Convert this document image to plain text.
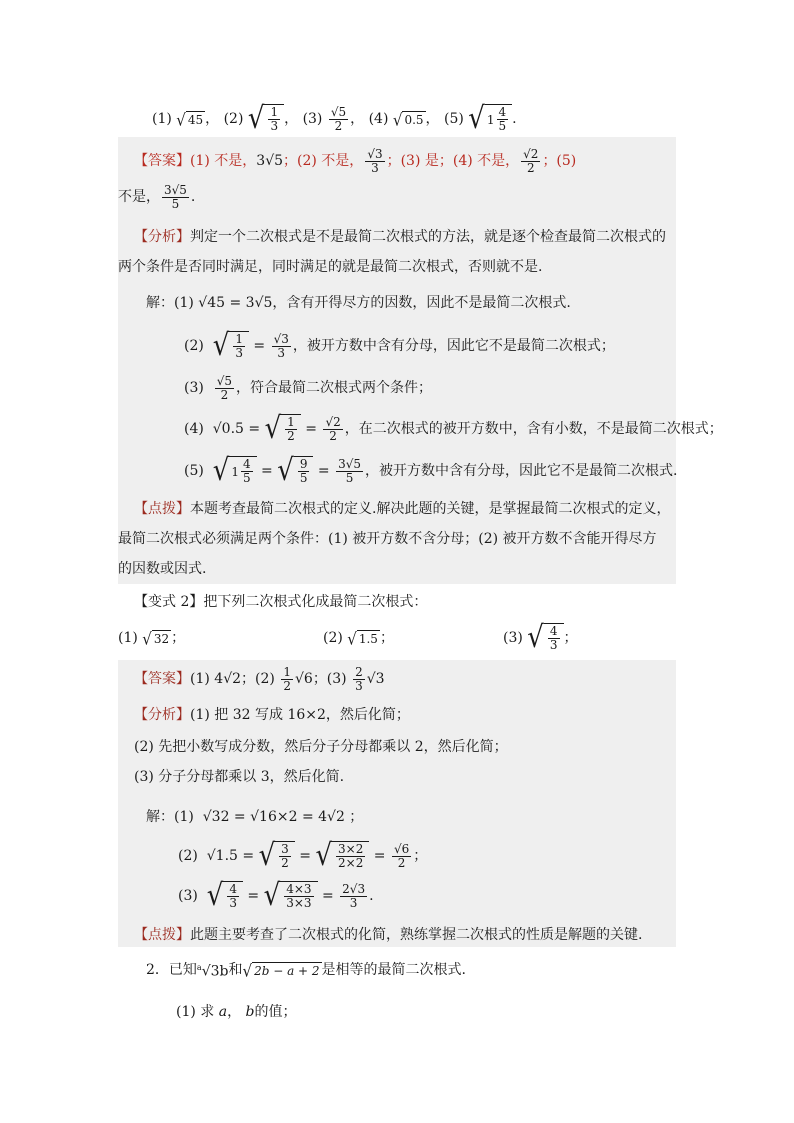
(1)
√ 45 ， (2)
√ $\frac{1}{3}$ ， (3)
$\frac{√5}{2}$ ， (4)
√ 0.5 ， (5)
√ $1 \frac{4}{5}$ .
【答案】 (1) 不是， 3√5 ；(2) 不是， $\frac{√3}{3}$ ；(3) 是；(4) 不是， $\frac{√2}{2}$ ；(5)
不是， $\frac{3√5}{5}$ .
【分析】判定一个二次根式是不是最简二次根式的方法，就是逐个检查最简二次根式的
两个条件是否同时满足，同时满足的就是最简二次根式，否则就不是.
解： (1)
√45 = 3√5 ，含有开得尽方的因数，因此不是最简二次根式.
(2)
√ $\frac{1}{3} = \frac{√3}{3}$ ，被开方数中含有分母，因此它不是最简二次根式；
(3)
$\frac{√5}{2}$ ，符合最简二次根式两个条件；
(4)
√0.5 = √ $\frac{1}{2} = \frac{√2}{2}$ ，在二次根式的被开方数中，含有小数，不是最简二次根式；
(5)
√ $1 \frac{4}{5}$ = √ $\frac{9}{5} = \frac{3√5}{5}$ ，被开方数中含有分母，因此它不是最简二次根式.
【点拨】本题考查最简二次根式的定义.解决此题的关键，是掌握最简二次根式的定义，
最简二次根式必须满足两个条件：(1) 被开方数不含分母；(2) 被开方数不含能开得尽方
的因数或因式.
【变式 2】把下列二次根式化成最简二次根式：
(1)
√ 32 ；	(2)
√ 1.5 ；	(3)
√ $\frac{4}{3}$ ；
【答案】 (1)
4√2 ；(2)
$\frac{1}{2} √6$ ；(3)
$\frac{2}{3} √3$
【分析】(1) 把 32 写成 16×2，然后化简；
(2) 先把小数写成分数，然后分子分母都乘以 2，然后化简；
(3) 分子分母都乘以 3，然后化简.
解：(1)
√32 = √16×2 = 4√2 ；
(2)
√1.5 = √ $\frac{3}{2}$ = √ $\frac{3\times 2}{2\times 2} = \frac{√6}{2}$ ；
(3)
√ $\frac{4}{3}$ = √ $\frac{4\times 3}{3\times 3} = \frac{2√3}{3}$ .
【点拨】此题主要考查了二次根式的化简，熟练掌握二次根式的性质是解题的关键.
2．已知 $^a$√3b 和 √ 2b − a + 2 是相等的最简二次根式.
(1) 求 a， b的值；
